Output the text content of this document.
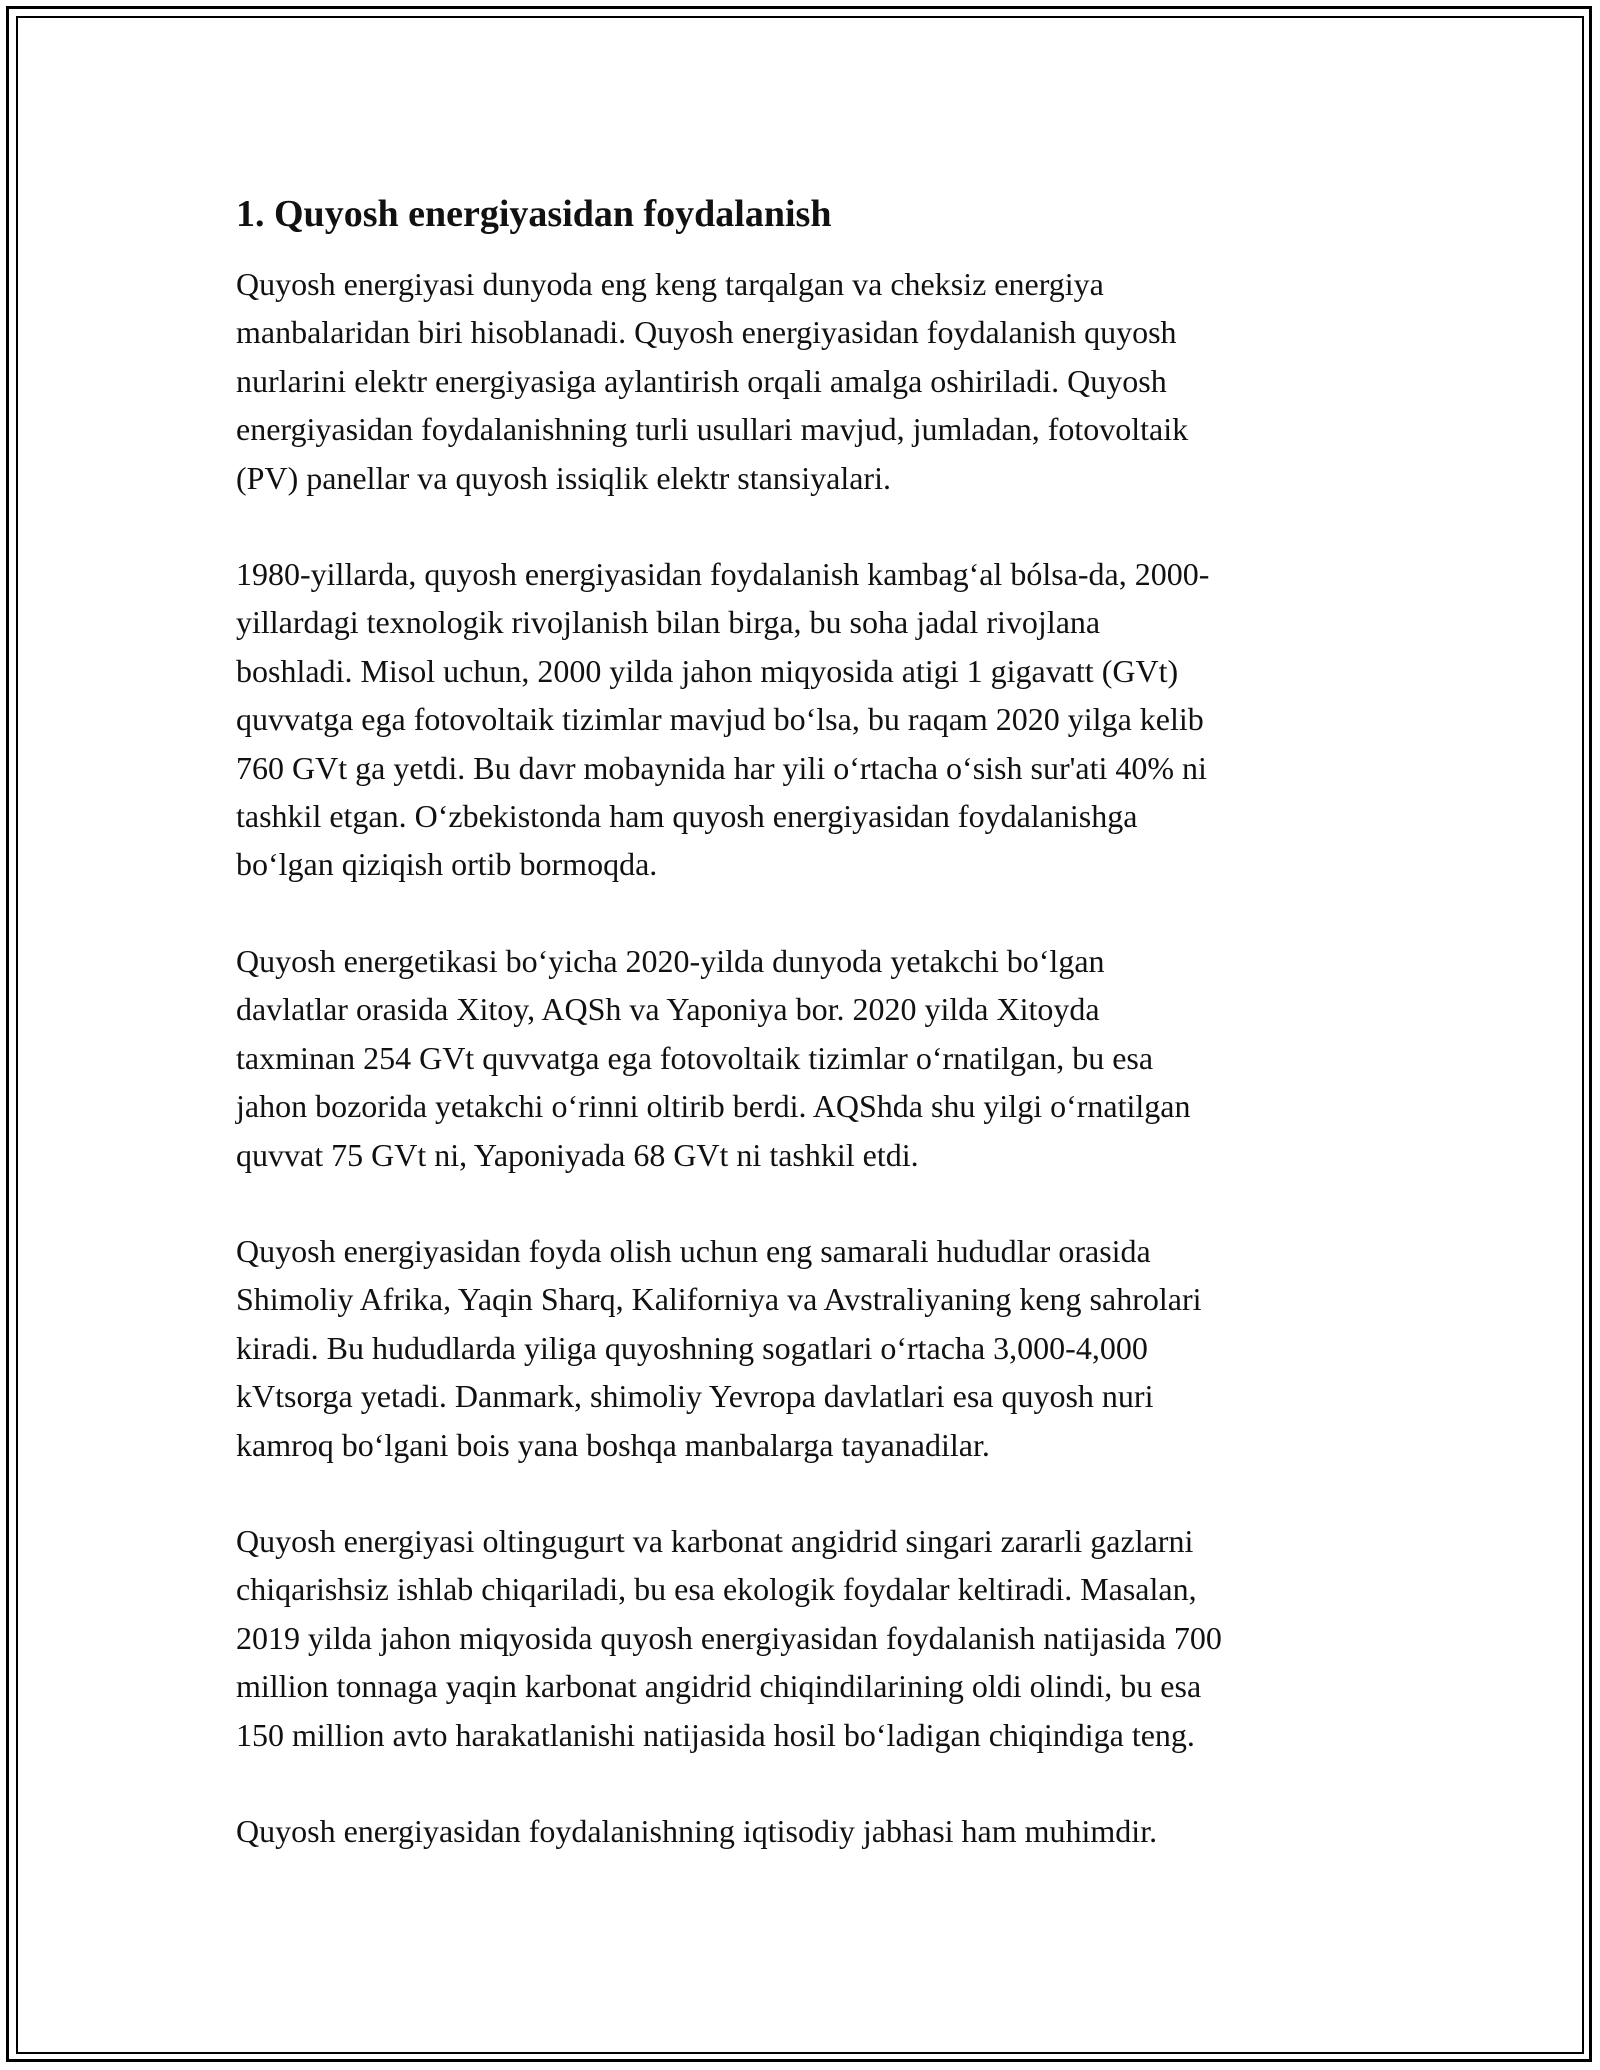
1. Quyosh energiyasidan foydalanish

Quyosh energiyasi dunyoda eng keng tarqalgan va cheksiz energiya
manbalaridan biri hisoblanadi. Quyosh energiyasidan foydalanish quyosh
nurlarini elektr energiyasiga aylantirish orqali amalga oshiriladi. Quyosh
energiyasidan foydalanishning turli usullari mavjud, jumladan, fotovoltaik
(PV) panellar va quyosh issiqlik elektr stansiyalari.

1980-yillarda, quyosh energiyasidan foydalanish kambag‘al bólsa-da, 2000-
yillardagi texnologik rivojlanish bilan birga, bu soha jadal rivojlana
boshladi. Misol uchun, 2000 yilda jahon miqyosida atigi 1 gigavatt (GVt)
quvvatga ega fotovoltaik tizimlar mavjud bo‘lsa, bu raqam 2020 yilga kelib
760 GVt ga yetdi. Bu davr mobaynida har yili o‘rtacha o‘sish sur'ati 40% ni
tashkil etgan. O‘zbekistonda ham quyosh energiyasidan foydalanishga
bo‘lgan qiziqish ortib bormoqda.

Quyosh energetikasi bo‘yicha 2020-yilda dunyoda yetakchi bo‘lgan
davlatlar orasida Xitoy, AQSh va Yaponiya bor. 2020 yilda Xitoyda
taxminan 254 GVt quvvatga ega fotovoltaik tizimlar o‘rnatilgan, bu esa
jahon bozorida yetakchi o‘rinni oltirib berdi. AQShda shu yilgi o‘rnatilgan
quvvat 75 GVt ni, Yaponiyada 68 GVt ni tashkil etdi.

Quyosh energiyasidan foyda olish uchun eng samarali hududlar orasida
Shimoliy Afrika, Yaqin Sharq, Kaliforniya va Avstraliyaning keng sahrolari
kiradi. Bu hududlarda yiliga quyoshning sogatlari o‘rtacha 3,000-4,000
kVtsorga yetadi. Danmark, shimoliy Yevropa davlatlari esa quyosh nuri
kamroq bo‘lgani bois yana boshqa manbalarga tayanadilar.

Quyosh energiyasi oltingugurt va karbonat angidrid singari zararli gazlarni
chiqarishsiz ishlab chiqariladi, bu esa ekologik foydalar keltiradi. Masalan,
2019 yilda jahon miqyosida quyosh energiyasidan foydalanish natijasida 700
million tonnaga yaqin karbonat angidrid chiqindilarining oldi olindi, bu esa
150 million avto harakatlanishi natijasida hosil bo‘ladigan chiqindiga teng.

Quyosh energiyasidan foydalanishning iqtisodiy jabhasi ham muhimdir.
